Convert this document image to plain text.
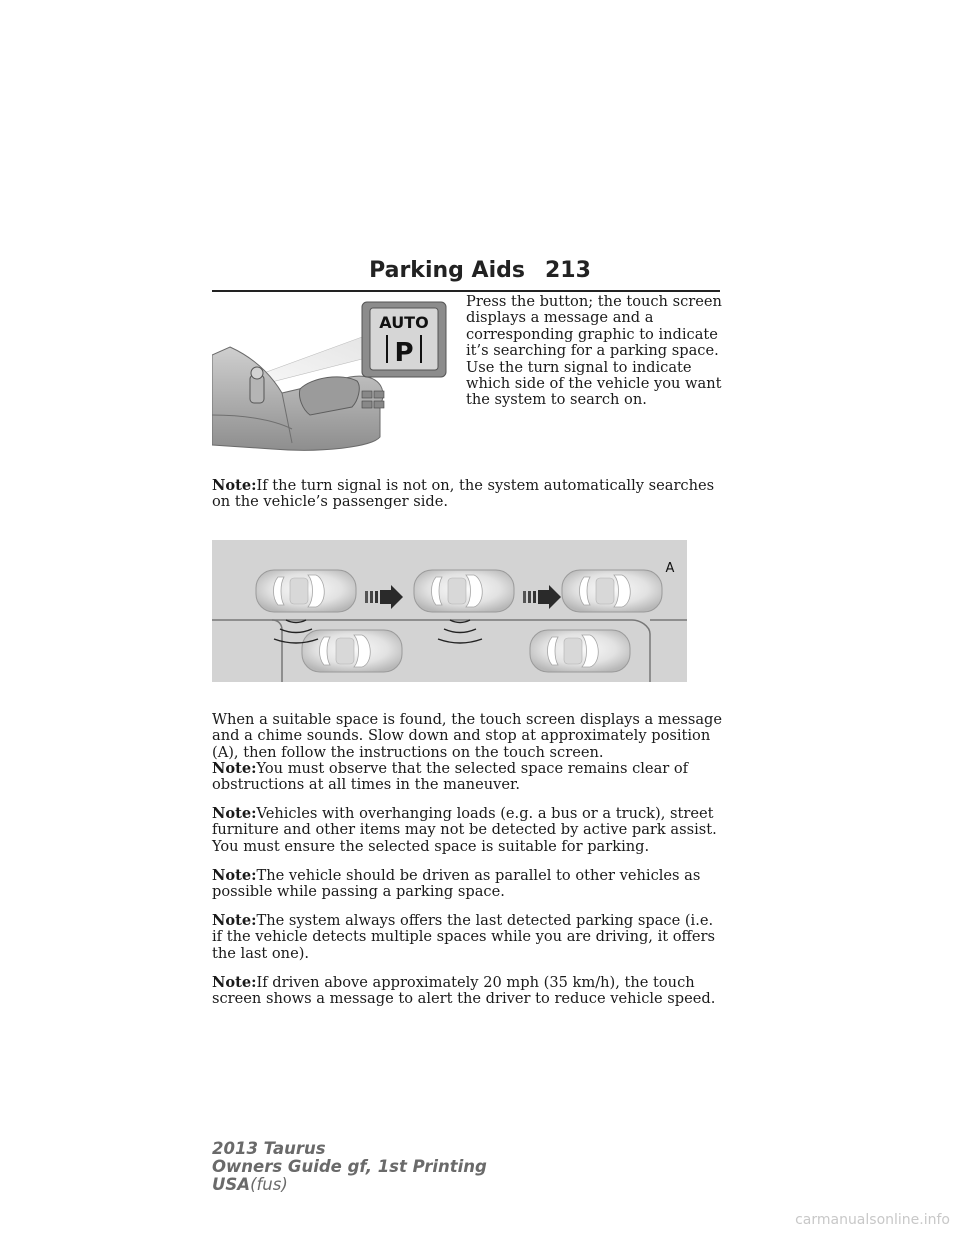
Parking Aids 213
AUTO
P
Press the button; the touch screen displays a message and a corresponding graphic to indicate it’s searching for a parking space. Use the turn signal to indicate which side of the vehicle you want the system to search on.
Note:If the turn signal is not on, the system automatically searches on the vehicle’s passenger side.
A
When a suitable space is found, the touch screen displays a message and a chime sounds. Slow down and stop at approximately position (A), then follow the instructions on the touch screen.
Note:You must observe that the selected space remains clear of obstructions at all times in the maneuver.
Note:Vehicles with overhanging loads (e.g. a bus or a truck), street furniture and other items may not be detected by active park assist. You must ensure the selected space is suitable for parking.
Note:The vehicle should be driven as parallel to other vehicles as possible while passing a parking space.
Note:The system always offers the last detected parking space (i.e. if the vehicle detects multiple spaces while you are driving, it offers the last one).
Note:If driven above approximately 20 mph (35 km/h), the touch screen shows a message to alert the driver to reduce vehicle speed.
2013 Taurus
Owners Guide gf, 1st Printing
USA(fus)
carmanualsonline.info
